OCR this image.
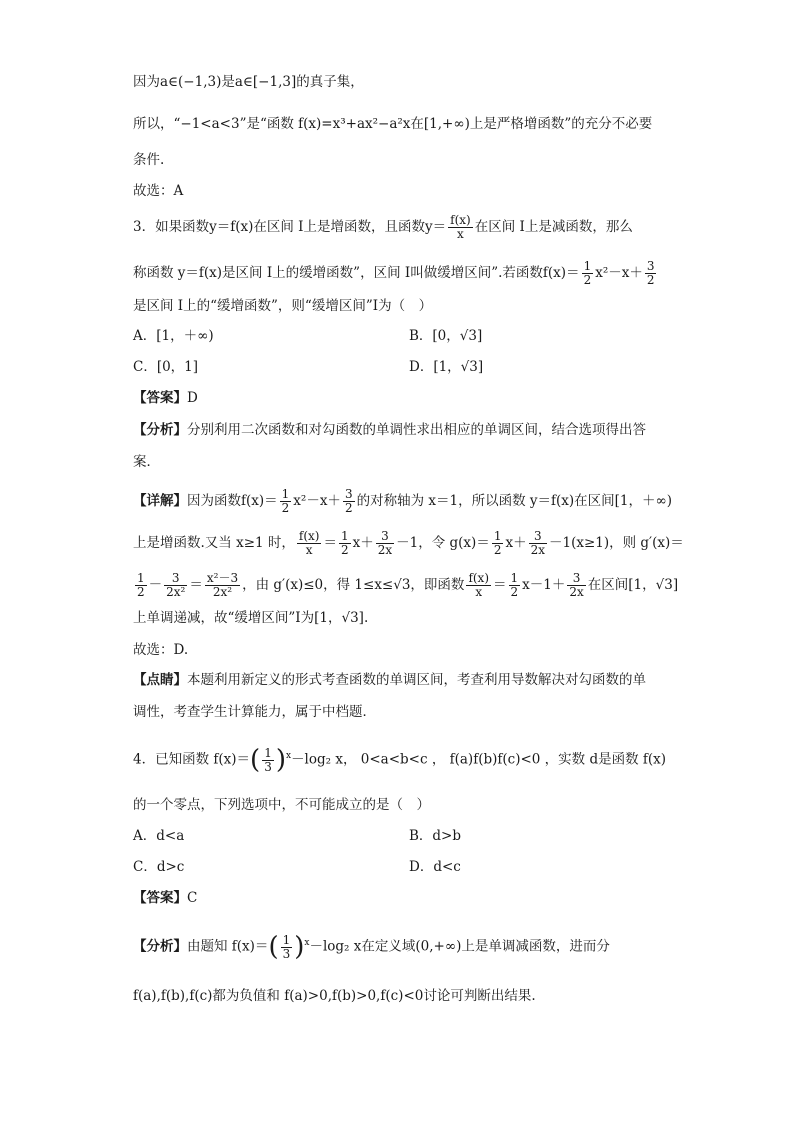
因为a∈(−1,3)是a∈[−1,3]的真子集，
所以，“−1<a<3”是“函数 f(x)=x³+ax²−a²x在[1,+∞)上是严格增函数”的充分不必要
条件.
故选：A
3．如果函数y＝f(x)在区间 I上是增函数，且函数$y= \frac{f(x)}{x}$ 在区间 I上是减函数，那么
称函数 y＝f(x)是区间 I上的缓增函数”，区间 I叫做缓增区间”.若函数$f(x)= \frac{1}{2} x^2-x+ \frac{3}{2}$
是区间 I上的“缓增函数”，则“缓增区间”I为（　）
A．[1，＋∞)	B．[0，√3]
C．[0，1]	D．[1，√3]
【答案】D
【分析】分别利用二次函数和对勾函数的单调性求出相应的单调区间，结合选项得出答
案．
【详解】因为函数$f(x)= \frac{1}{2} x^2-x+ \frac{3}{2}$ 的对称轴为 x＝1，所以函数 y＝f(x)在区间[1，＋∞)
上是增函数.又当 x≥1 时， $\frac{f(x)}{x} = \frac{1}{2} x+ \frac{3}{2x} -1$，令 $g(x)= \frac{1}{2} x+ \frac{3}{2x} -1(x\ge 1)$，则 g′(x)＝
$\frac{1}{2} - \frac{3}{\text{2x²}} = \frac{\text{x²－3}}{\text{2x²}}$ ，由 g′(x)≤0，得 1≤x≤√3，即函数 $\frac{f(x)}{x} = \frac{1}{2} x-1+ \frac{3}{2x}$ 在区间[1，√3]
上单调递减，故“缓增区间”I为[1，√3].
故选：D.
【点睛】本题利用新定义的形式考查函数的单调区间，考查利用导数解决对勾函数的单
调性，考查学生计算能力，属于中档题．
4．已知函数 $f(x)=( \frac{1}{3} )^x-\log_2$ x， 0<a<b<c ， f(a)f(b)f(c)<0 ，实数 d是函数 f(x)
的一个零点，下列选项中，不可能成立的是（　）
A．d<a	B．d>b
C．d>c	D．d<c
【答案】C
【分析】由题知 $f(x)=( \frac{1}{3} )^x-\log_2$ x在定义域(0,+∞)上是单调减函数，进而分
f(a),f(b),f(c)都为负值和 f(a)>0,f(b)>0,f(c)<0讨论可判断出结果.
